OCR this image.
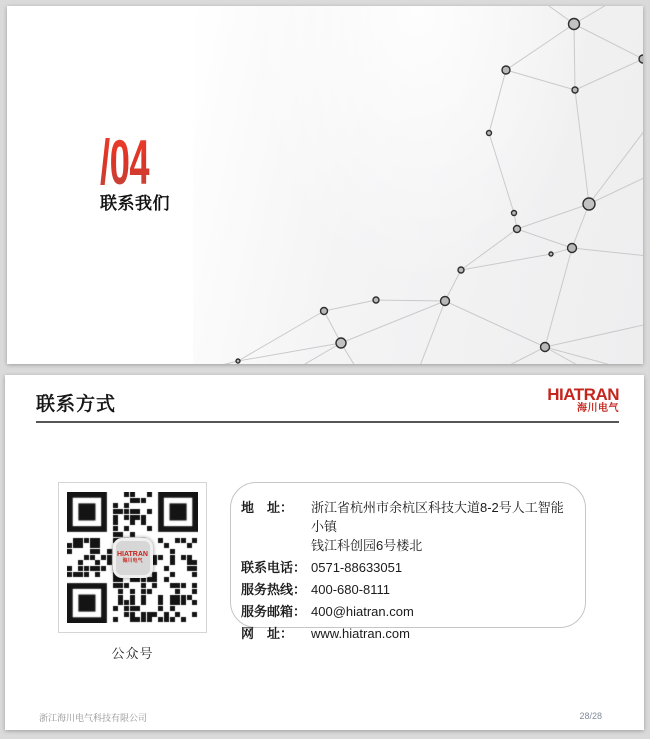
/04
联系我们
联系方式	HIATRAN
海川电气
HIATRAN
海川电气
公众号
地　址：	浙江省杭州市余杭区科技大道8-2号人工智能小镇
钱江科创园6号楼北
联系电话： 0571-88633051
服务热线： 400-680-8111
服务邮箱： 400@hiatran.com
网　址：	www.hiatran.com
浙江海川电气科技有限公司	28/28
